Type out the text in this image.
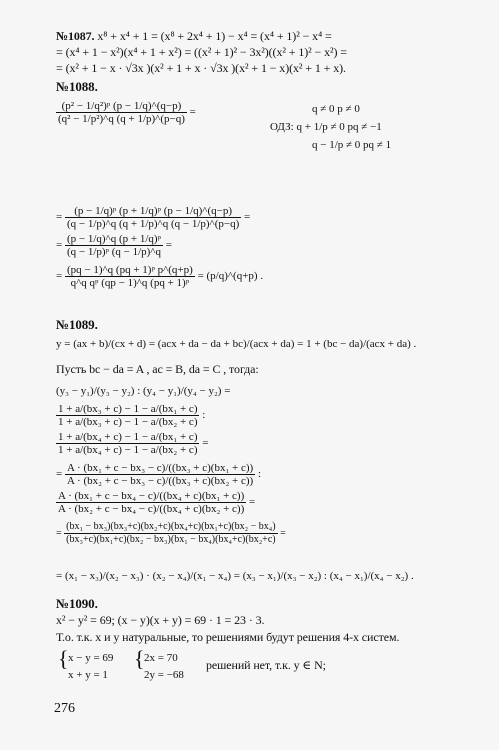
№1087. x⁸ + x⁴ + 1 = (x⁸ + 2x⁴ + 1) − x⁴ = (x⁴ + 1)² − x⁴ =
= (x⁴ + 1 − x²)(x⁴ + 1 + x²) = ((x² + 1)² − 3x²)((x² + 1)² − x²) =
= (x² + 1 − x · √3x )(x² + 1 + x · √3x )(x² + 1 − x)(x² + 1 + x).
№1088.
$\frac{\text{(p² − 1/q²)ᵖ (p − 1/q)\textasciicircum{}(q−p)}}{\text{(q² − 1/p²)\textasciicircum{}q (q + 1/p)\textasciicircum{}(p−q)}}$ =	q ≠ 0 p ≠ 0
ОДЗ: q + 1/p ≠ 0 pq ≠ −1
q − 1/p ≠ 0 pq ≠ 1
= $\frac{\text{(p − 1/q)ᵖ (p + 1/q)ᵖ (p − 1/q)\textasciicircum{}(q−p)}}{(q - 1/p)\^{}q (q + 1/p)\^{}q (q - 1/p)\^{}(p-q)}$ =
= $\frac{\text{(p − 1/q)\textasciicircum{}q (p + 1/q)ᵖ}}{\text{(q − 1/p)ᵖ (q − 1/p)\textasciicircum{}q}}$ =
= $\frac{\text{(pq − 1)\textasciicircum{}q (pq + 1)ᵖ p\textasciicircum{}(q+p)}}{\text{q\textasciicircum{}q qᵖ (qp − 1)\textasciicircum{}q (pq + 1)ᵖ}}$ = (p/q)^(q+p) .
№1089.
y = (ax + b)/(cx + d) = (acx + da − da + bc)/(acx + da) = 1 + (bc − da)/(acx + da) .
Пусть bc − da = A , ac = B, da = C , тогда:
(y₃ − y₁)/(y₃ − y₂) : (y₄ − y₁)/(y₄ − y₂) =
$\frac{\text{1 + a/(bx₃ + c) − 1 − a/(bx₁ + c)}}{\text{1 + a/(bx₃ + c) − 1 − a/(bx₂ + c)}}$ :
$\frac{\text{1 + a/(bx₄ + c) − 1 − a/(bx₁ + c)}}{\text{1 + a/(bx₄ + c) − 1 − a/(bx₂ + c)}}$ =
= $\frac{\text{A · (bx₁ + c − bx₃ − c)/((bx₃ + c)(bx₁ + c))}}{\text{A · (bx₂ + c − bx₃ − c)/((bx₃ + c)(bx₂ + c))}}$ :
$\frac{\text{A · (bx₁ + c − bx₄ − c)/((bx₄ + c)(bx₁ + c))}}{\text{A · (bx₂ + c − bx₄ − c)/((bx₄ + c)(bx₂ + c))}}$ =
= $\frac{\text{(bx₁ − bx₃)(bx₃+c)(bx₂+c)(bx₄+c)(bx₁+c)(bx₂ − bx₄)}}{\text{(bx₃+c)(bx₁+c)(bx₂ − bx₃)(bx₁ − bx₄)(bx₄+c)(bx₂+c)}}$ =
= (x₁ − x₃)/(x₂ − x₃) · (x₂ − x₄)/(x₁ − x₄) = (x₃ − x₁)/(x₃ − x₂) : (x₄ − x₁)/(x₄ − x₂) .
№1090.
x² − y² = 69; (x − y)(x + y) = 69 · 1 = 23 · 3.
Т.о. т.к. x и y натуральные, то решениями будут решения 4-х систем.
{ x − y = 69
x + y = 1
{ 2x = 70
2y = −68
решений нет, т.к. y ∈ N;
276
